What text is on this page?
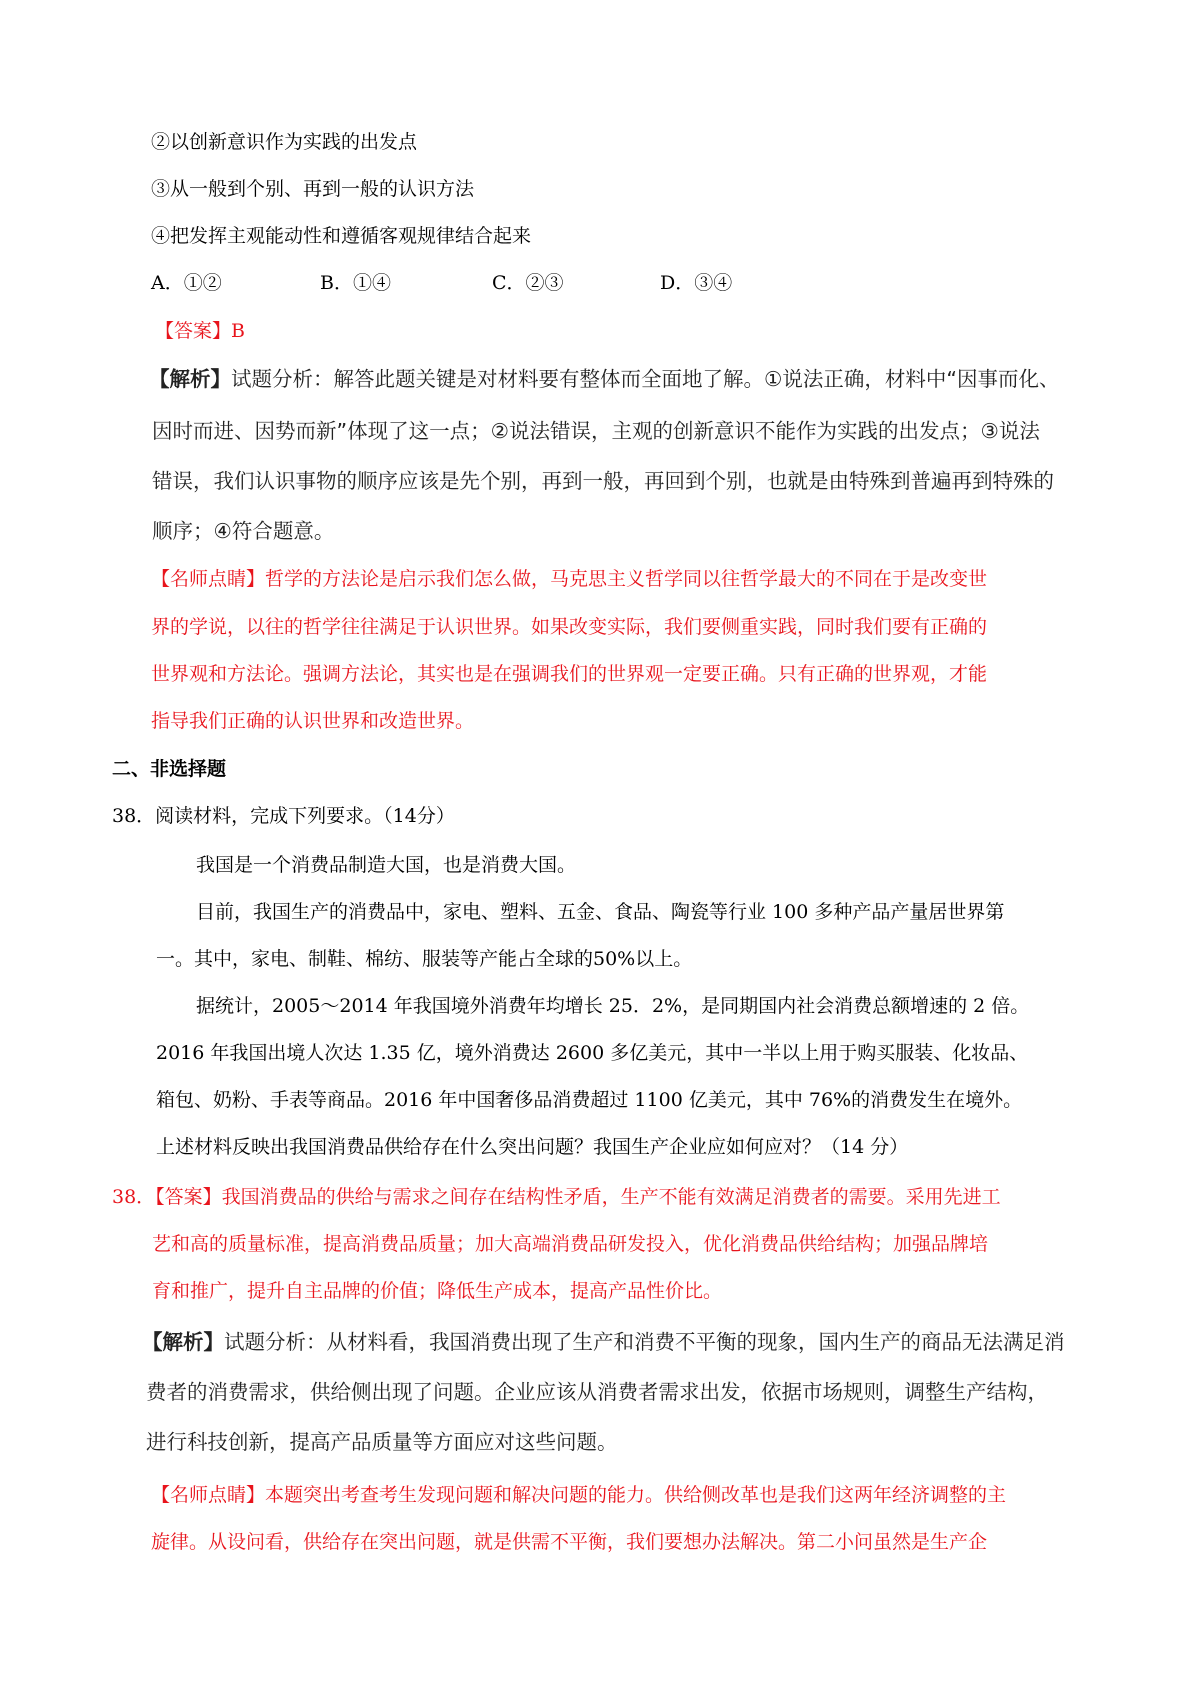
②以创新意识作为实践的出发点
③从一般到个别、再到一般的认识方法
④把发挥主观能动性和遵循客观规律结合起来
A．①②	B．①④	C．②③	D．③④
【答案】B
【解析】试题分析：解答此题关键是对材料要有整体而全面地了解。①说法正确，材料中“因事而化、
因时而进、因势而新”体现了这一点；②说法错误，主观的创新意识不能作为实践的出发点；③说法
错误，我们认识事物的顺序应该是先个别，再到一般，再回到个别，也就是由特殊到普遍再到特殊的
顺序；④符合题意。
【名师点睛】哲学的方法论是启示我们怎么做，马克思主义哲学同以往哲学最大的不同在于是改变世
界的学说，以往的哲学往往满足于认识世界。如果改变实际，我们要侧重实践，同时我们要有正确的
世界观和方法论。强调方法论，其实也是在强调我们的世界观一定要正确。只有正确的世界观，才能
指导我们正确的认识世界和改造世界。
二、非选择题
38．阅读材料，完成下列要求。（14分）
我国是一个消费品制造大国，也是消费大国。
目前，我国生产的消费品中，家电、塑料、五金、食品、陶瓷等行业 100 多种产品产量居世界第
一。其中，家电、制鞋、棉纺、服装等产能占全球的50%以上。
据统计，2005～2014 年我国境外消费年均增长 25．2%，是同期国内社会消费总额增速的 2 倍。
2016 年我国出境人次达 1.35 亿，境外消费达 2600 多亿美元，其中一半以上用于购买服装、化妆品、
箱包、奶粉、手表等商品。2016 年中国奢侈品消费超过 1100 亿美元，其中 76%的消费发生在境外。
上述材料反映出我国消费品供给存在什么突出问题？我国生产企业应如何应对？（14 分）
38．【答案】我国消费品的供给与需求之间存在结构性矛盾，生产不能有效满足消费者的需要。采用先进工
艺和高的质量标准，提高消费品质量；加大高端消费品研发投入，优化消费品供给结构；加强品牌培
育和推广，提升自主品牌的价值；降低生产成本，提高产品性价比。
【解析】试题分析：从材料看，我国消费出现了生产和消费不平衡的现象，国内生产的商品无法满足消
费者的消费需求，供给侧出现了问题。企业应该从消费者需求出发，依据市场规则，调整生产结构，
进行科技创新，提高产品质量等方面应对这些问题。
【名师点睛】本题突出考查考生发现问题和解决问题的能力。供给侧改革也是我们这两年经济调整的主
旋律。从设问看，供给存在突出问题，就是供需不平衡，我们要想办法解决。第二小问虽然是生产企
